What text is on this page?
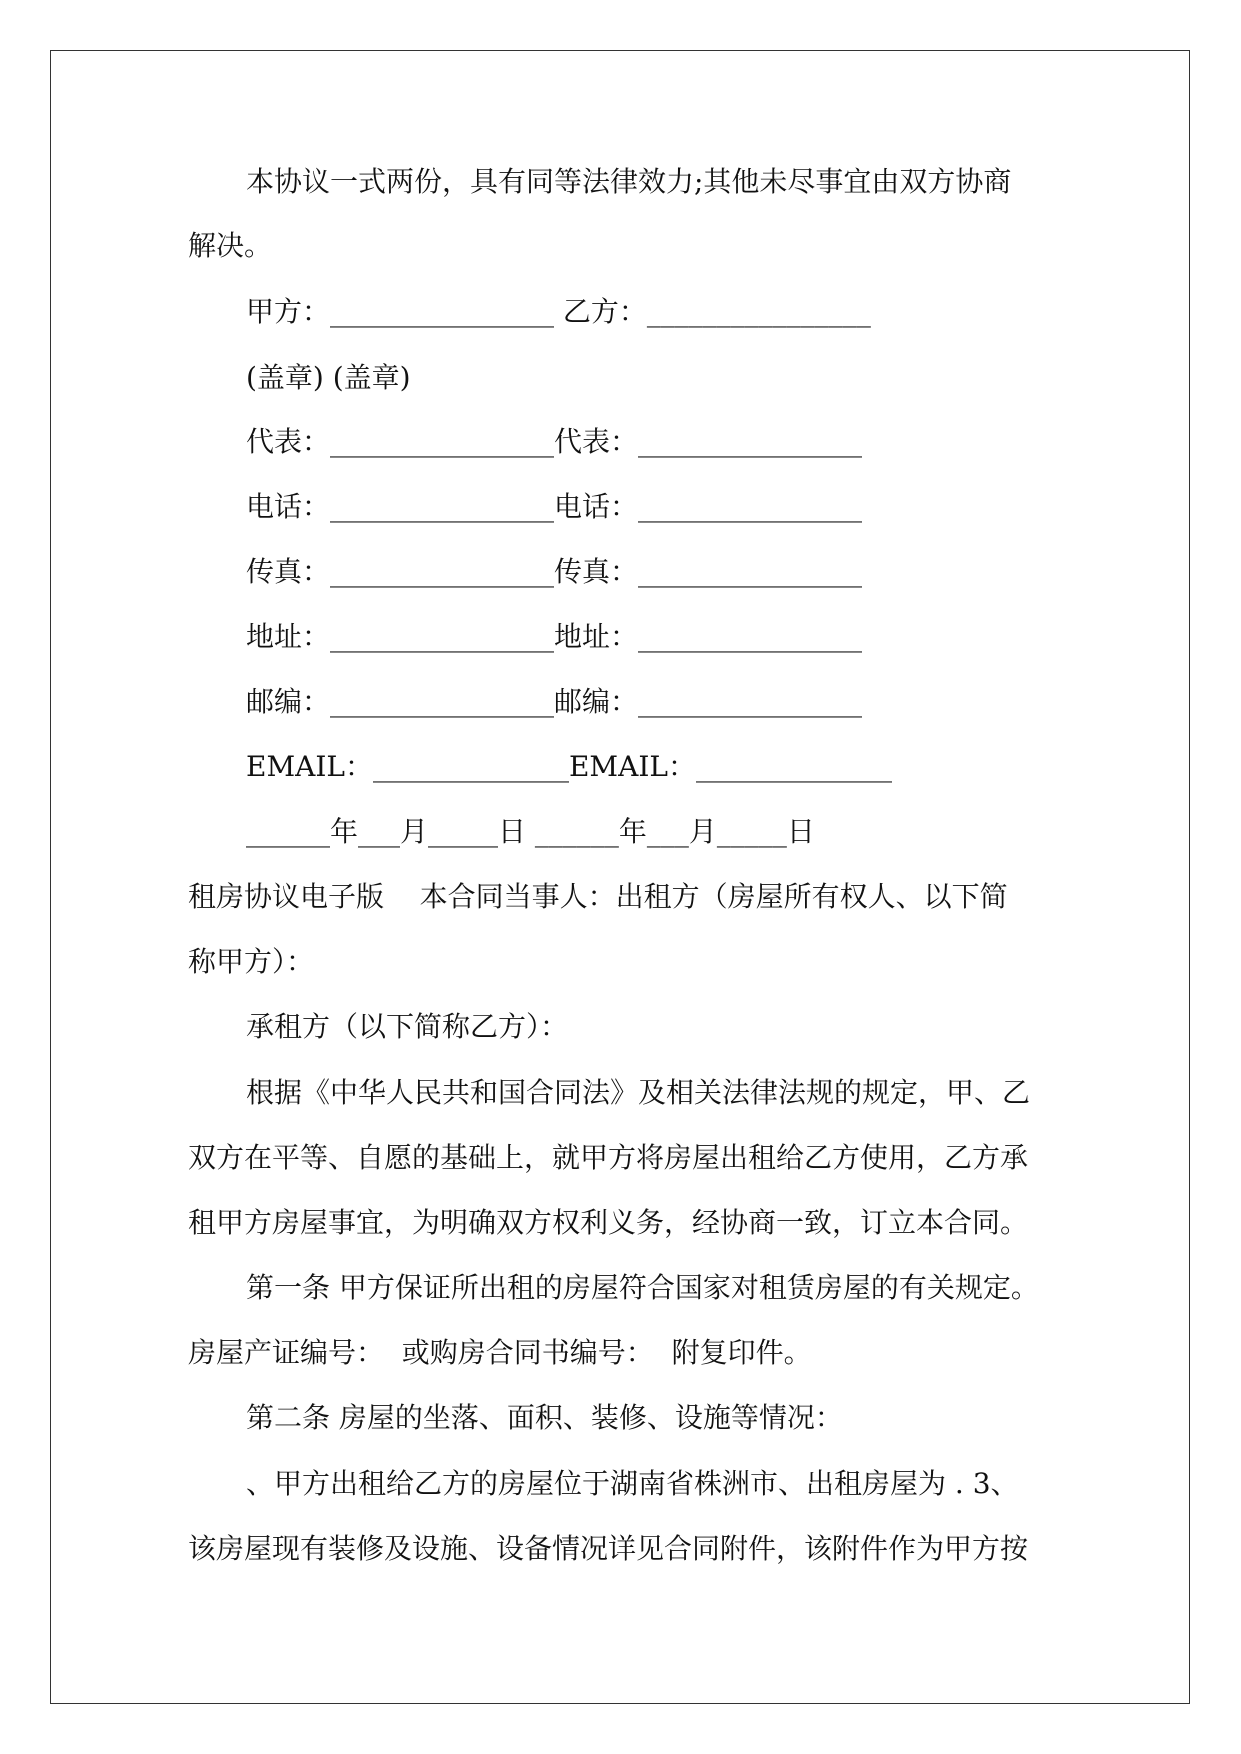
本协议一式两份，具有同等法律效力;其他未尽事宜由双方协商
解决。
甲方：________________ 乙方：________________
(盖章) (盖章)
代表：________________代表：________________
电话：________________电话：________________
传真：________________传真：________________
地址：________________地址：________________
邮编：________________邮编：________________
EMAIL：______________EMAIL：______________
______年___月_____日 ______年___月_____日
租房协议电子版    本合同当事人：出租方（房屋所有权人、以下简
称甲方）：
承租方（以下简称乙方）：
根据《中华人民共和国合同法》及相关法律法规的规定，甲、乙
双方在平等、自愿的基础上，就甲方将房屋出租给乙方使用，乙方承
租甲方房屋事宜，为明确双方权利义务，经协商一致，订立本合同。
第一条 甲方保证所出租的房屋符合国家对租赁房屋的有关规定。
房屋产证编号：  或购房合同书编号：  附复印件。
第二条 房屋的坐落、面积、装修、设施等情况：
、甲方出租给乙方的房屋位于湖南省株洲市、出租房屋为 . 3、
该房屋现有装修及设施、设备情况详见合同附件，该附件作为甲方按
